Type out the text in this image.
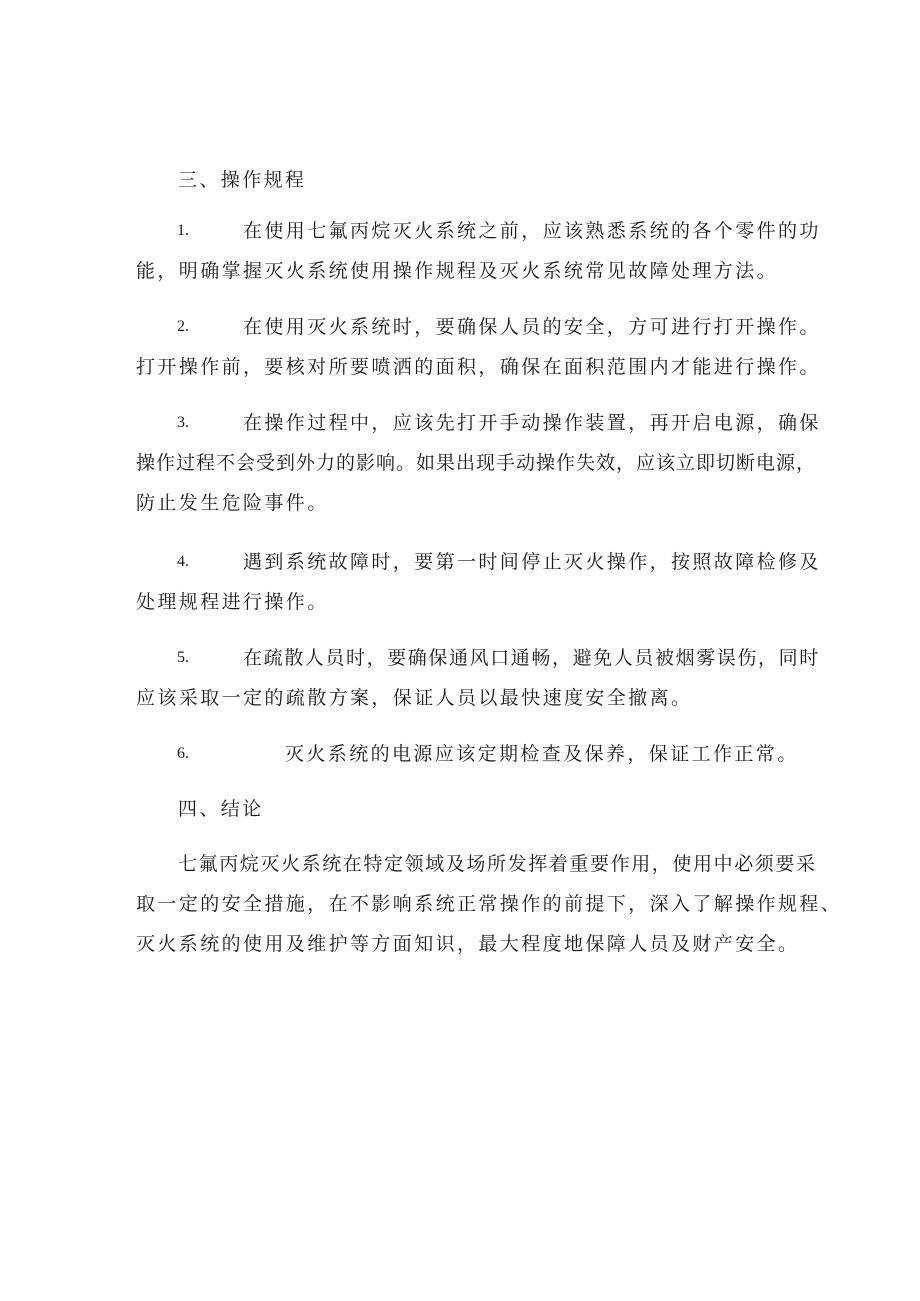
三、操作规程
1.	在使用七氟丙烷灭火系统之前，应该熟悉系统的各个零件的功
能，明确掌握灭火系统使用操作规程及灭火系统常见故障处理方法。
2.	在使用灭火系统时，要确保人员的安全，方可进行打开操作。
打开操作前，要核对所要喷洒的面积，确保在面积范围内才能进行操作。
3.	在操作过程中，应该先打开手动操作装置，再开启电源，确保
操作过程不会受到外力的影响。如果出现手动操作失效，应该立即切断电源，
防止发生危险事件。
4.	遇到系统故障时，要第一时间停止灭火操作，按照故障检修及
处理规程进行操作。
5.	在疏散人员时，要确保通风口通畅，避免人员被烟雾误伤，同时
应该采取一定的疏散方案，保证人员以最快速度安全撤离。
6.	灭火系统的电源应该定期检查及保养，保证工作正常。
四、结论
七氟丙烷灭火系统在特定领域及场所发挥着重要作用，使用中必须要采
取一定的安全措施，在不影响系统正常操作的前提下，深入了解操作规程、
灭火系统的使用及维护等方面知识，最大程度地保障人员及财产安全。
